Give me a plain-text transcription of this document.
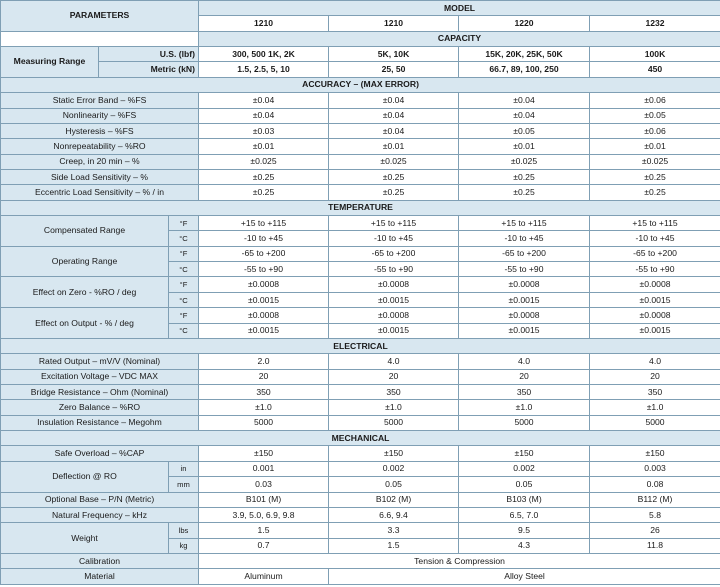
PARAMETERS			MODEL			
			1210	1210	1220	1232
			CAPACITY			
Measuring Range	U.S. (lbf)		300, 500 1K, 2K	5K, 10K	15K, 20K, 25K, 50K	100K
	Metric (kN)		1.5, 2.5, 5, 10	25, 50	66.7, 89, 100, 250	450
ACCURACY – (MAX ERROR)						
Static Error Band – %FS			±0.04	±0.04	±0.04	±0.06
Nonlinearity – %FS			±0.04	±0.04	±0.04	±0.05
Hysteresis – %FS			±0.03	±0.04	±0.05	±0.06
Nonrepeatability – %RO			±0.01	±0.01	±0.01	±0.01
Creep, in 20 min – %			±0.025	±0.025	±0.025	±0.025
Side Load Sensitivity – %			±0.25	±0.25	±0.25	±0.25
Eccentric Load Sensitivity – % / in			±0.25	±0.25	±0.25	±0.25
TEMPERATURE						
Compensated Range		°F	+15 to +115	+15 to +115	+15 to +115	+15 to +115
		°C	-10 to +45	-10 to +45	-10 to +45	-10 to +45
Operating Range		°F	-65 to +200	-65 to +200	-65 to +200	-65 to +200
		°C	-55 to +90	-55 to +90	-55 to +90	-55 to +90
Effect on Zero - %RO / deg		°F	±0.0008	±0.0008	±0.0008	±0.0008
		°C	±0.0015	±0.0015	±0.0015	±0.0015
Effect on Output - % / deg		°F	±0.0008	±0.0008	±0.0008	±0.0008
		°C	±0.0015	±0.0015	±0.0015	±0.0015
ELECTRICAL						
Rated Output – mV/V (Nominal)			2.0	4.0	4.0	4.0
Excitation Voltage – VDC MAX			20	20	20	20
Bridge Resistance – Ohm (Nominal)			350	350	350	350
Zero Balance – %RO			±1.0	±1.0	±1.0	±1.0
Insulation Resistance – Megohm			5000	5000	5000	5000
MECHANICAL						
Safe Overload – %CAP			±150	±150	±150	±150
Deflection @ RO		in	0.001	0.002	0.002	0.003
		mm	0.03	0.05	0.05	0.08
Optional Base – P/N (Metric)			B101 (M)	B102 (M)	B103 (M)	B112 (M)
Natural Frequency – kHz			3.9, 5.0, 6.9, 9.8	6.6, 9.4	6.5, 7.0	5.8
Weight		lbs	1.5	3.3	9.5	26
		kg	0.7	1.5	4.3	11.8
Calibration			Tension & Compression			
Material			Aluminum	Alloy Steel		
